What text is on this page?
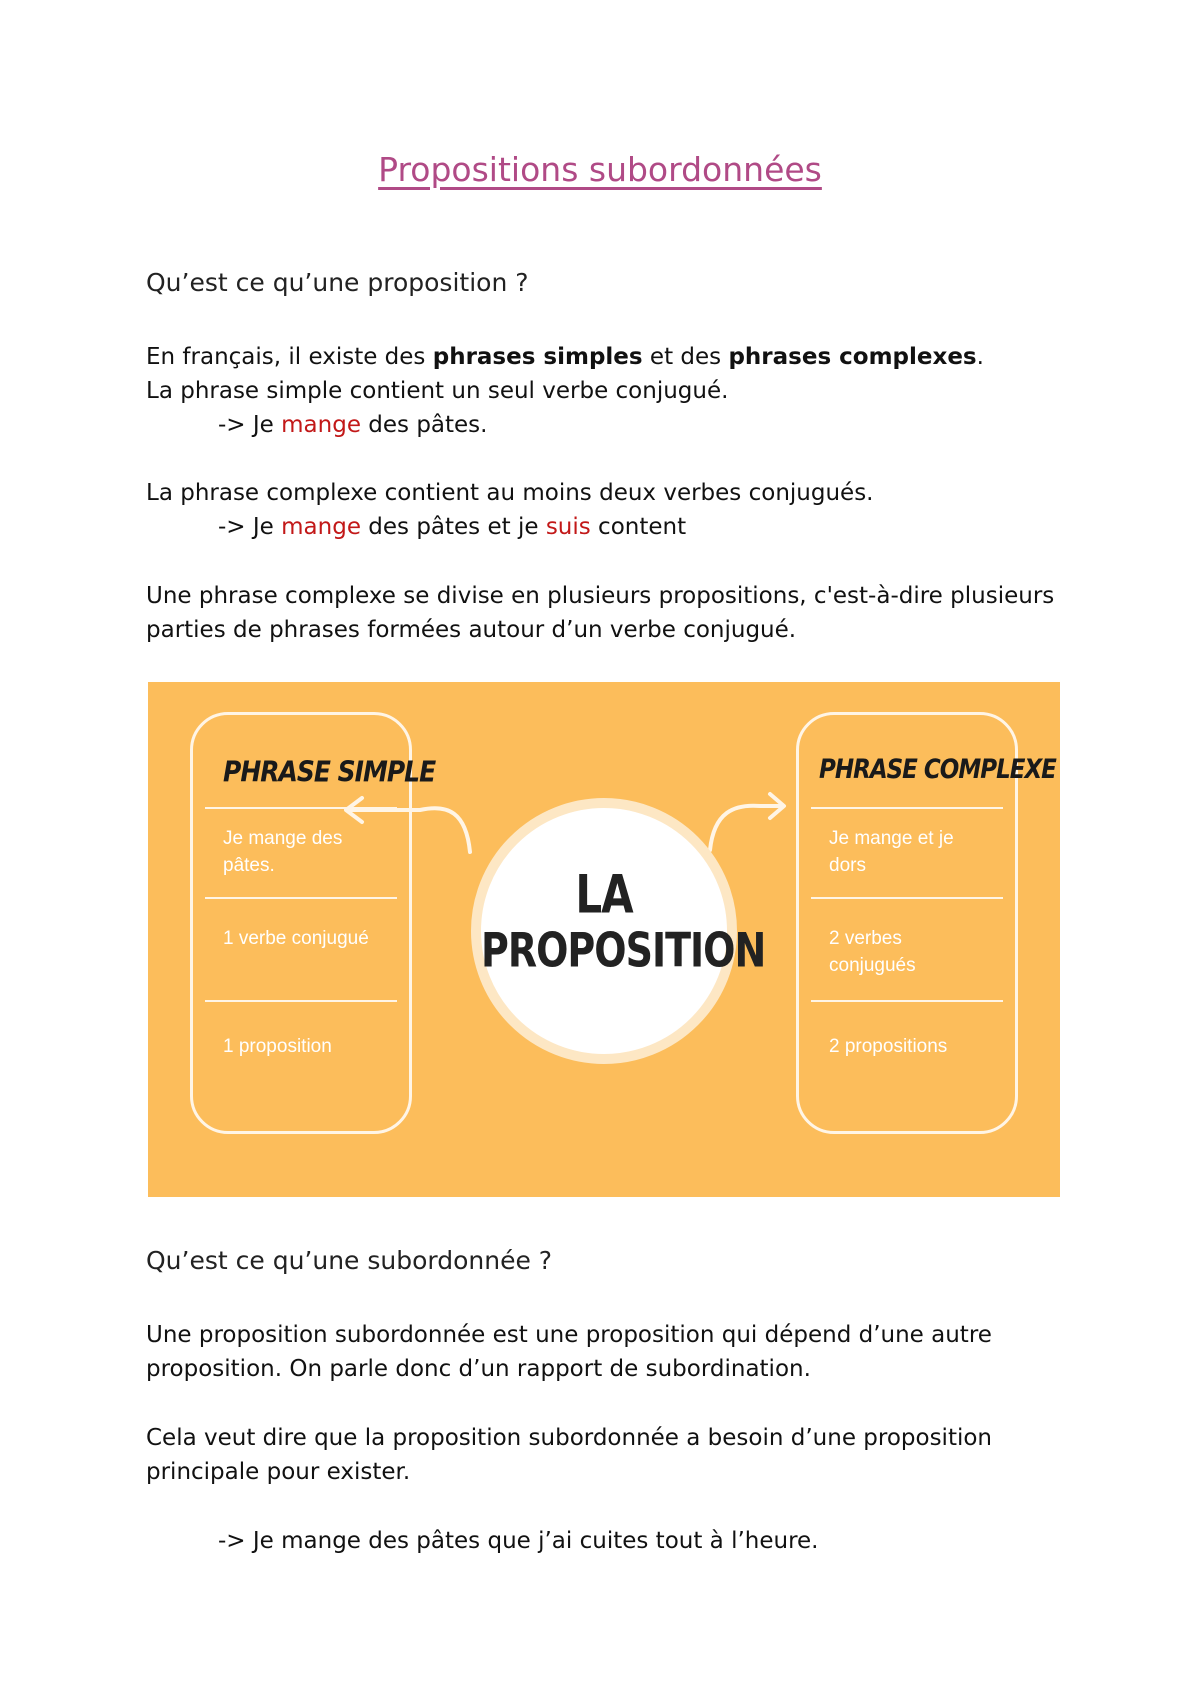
Propositions subordonnées
Qu’est ce qu’une proposition ?
En français, il existe des phrases simples et des phrases complexes.
La phrase simple contient un seul verbe conjugué.
-> Je mange des pâtes.
La phrase complexe contient au moins deux verbes conjugués.
-> Je mange des pâtes et je suis content
Une phrase complexe se divise en plusieurs propositions, c'est-à-dire plusieurs
parties de phrases formées autour d’un verbe conjugué.
PHRASE SIMPLE
Je mange des pâtes.
1 verbe conjugué
1 proposition
LA
PROPOSITION
PHRASE COMPLEXE
Je mange et je dors
2 verbes conjugués
2 propositions
Qu’est ce qu’une subordonnée ?
Une proposition subordonnée est une proposition qui dépend d’une autre
proposition. On parle donc d’un rapport de subordination.
Cela veut dire que la proposition subordonnée a besoin d’une proposition
principale pour exister.
-> Je mange des pâtes que j’ai cuites tout à l’heure.
